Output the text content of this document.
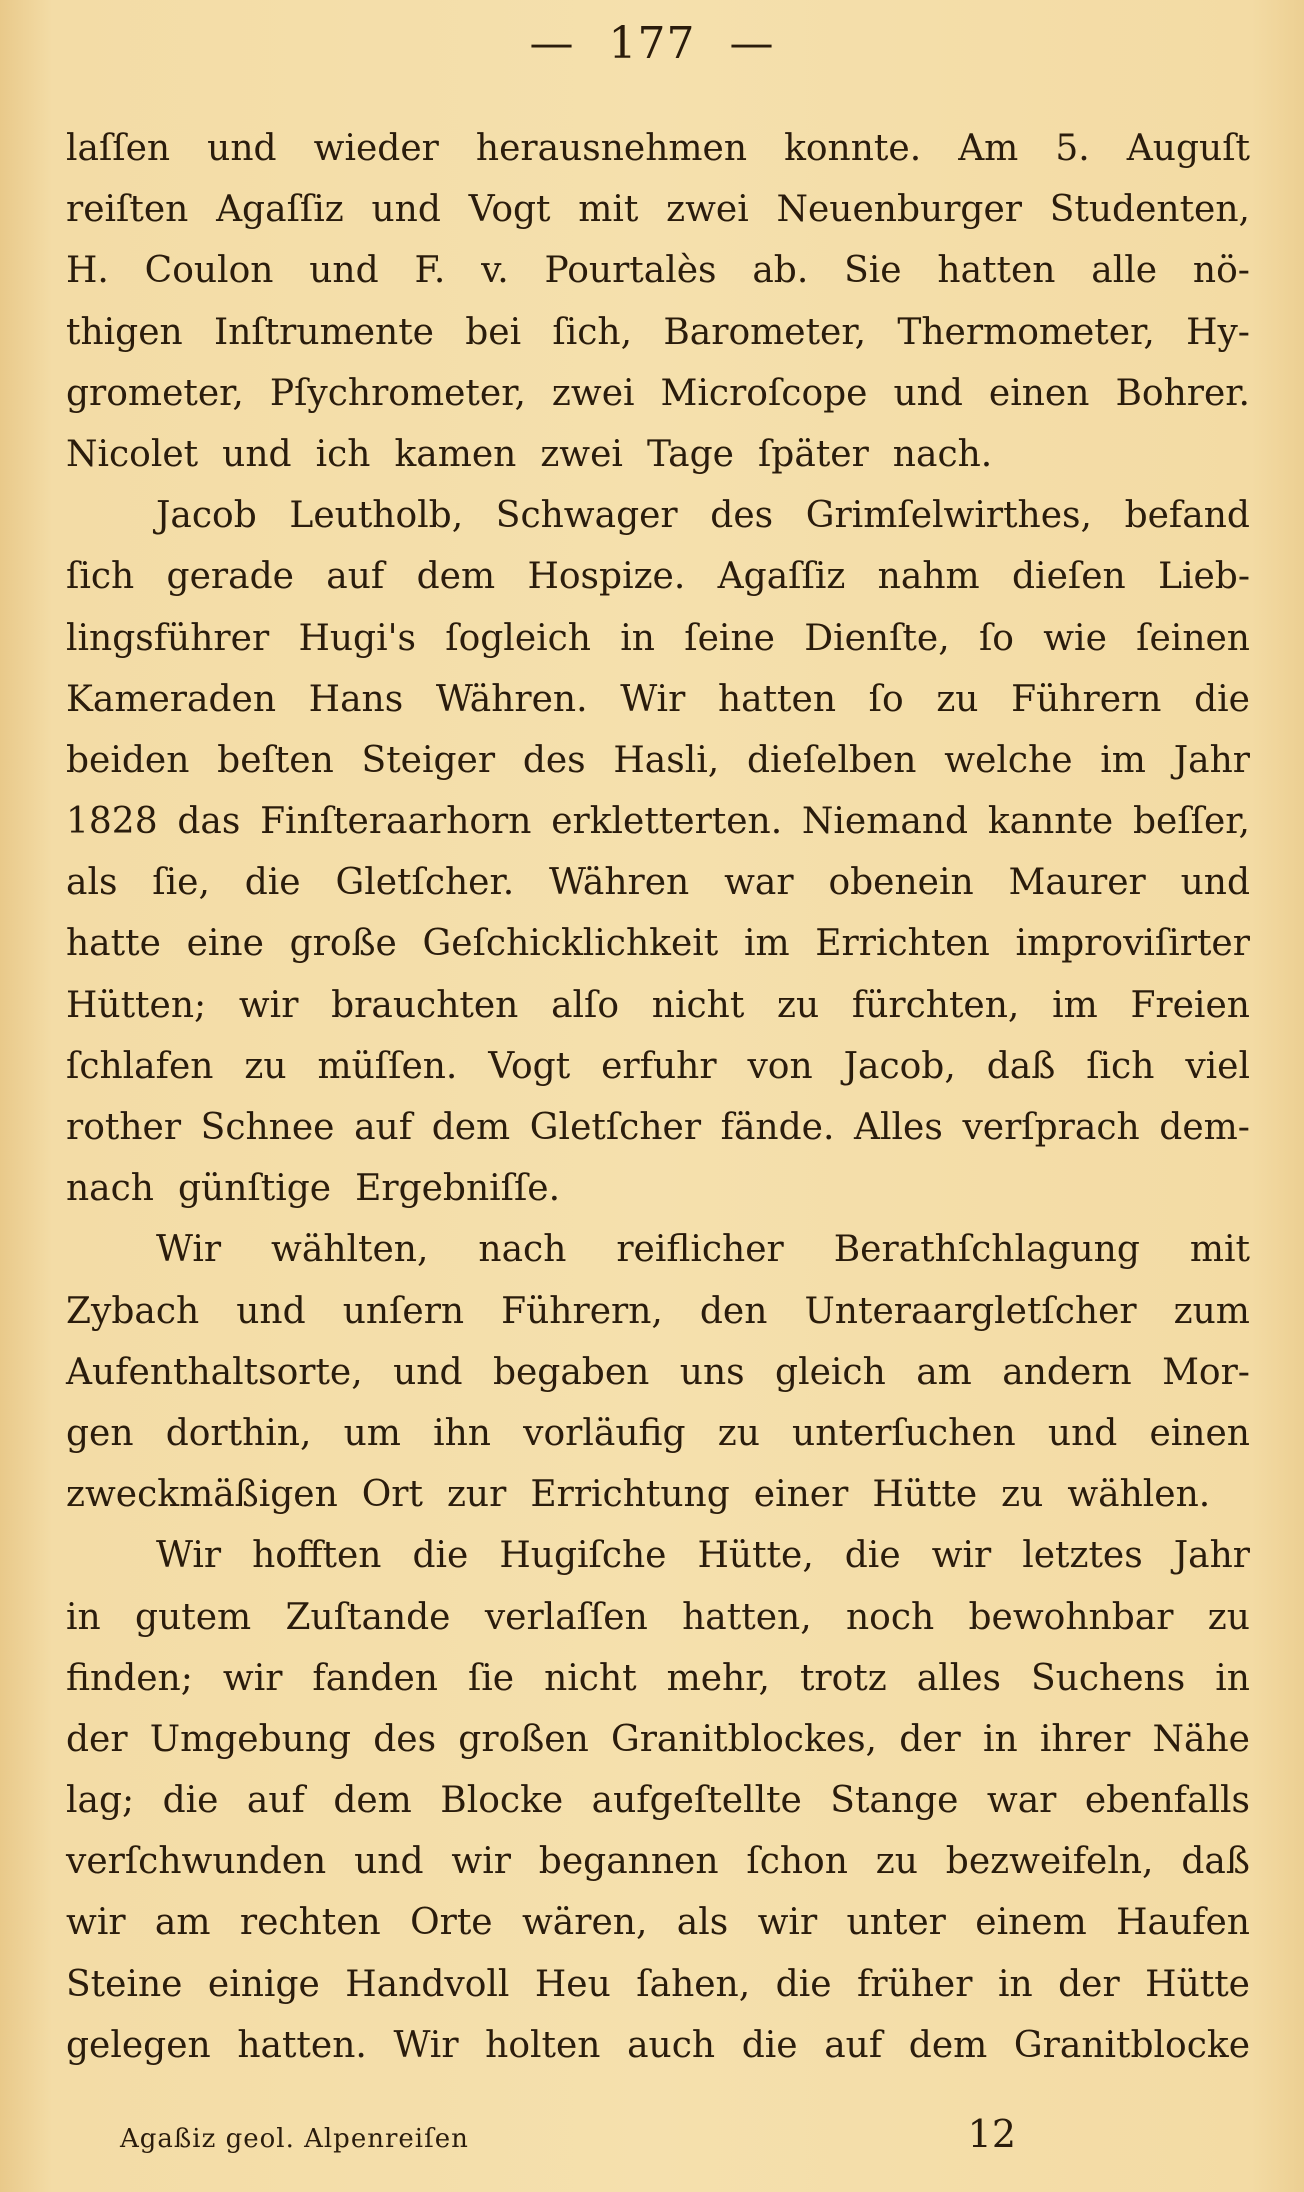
— 177 —
laſſen und wieder herausnehmen konnte. Am 5. Auguſt
reiſten Agaſſiz und Vogt mit zwei Neuenburger Studenten,
H. Coulon und F. v. Pourtalès ab. Sie hatten alle nö-
thigen Inſtrumente bei ſich, Barometer, Thermometer, Hy-
grometer, Pſychrometer, zwei Microſcope und einen Bohrer.
Nicolet und ich kamen zwei Tage ſpäter nach.
Jacob Leutholb, Schwager des Grimſelwirthes, befand
ſich gerade auf dem Hospize. Agaſſiz nahm dieſen Lieb-
lingsführer Hugi's ſogleich in ſeine Dienſte, ſo wie ſeinen
Kameraden Hans Währen. Wir hatten ſo zu Führern die
beiden beſten Steiger des Hasli, dieſelben welche im Jahr
1828 das Finſteraarhorn erkletterten. Niemand kannte beſſer,
als ſie, die Gletſcher. Währen war obenein Maurer und
hatte eine große Geſchicklichkeit im Errichten improviſirter
Hütten; wir brauchten alſo nicht zu fürchten, im Freien
ſchlafen zu müſſen. Vogt erfuhr von Jacob, daß ſich viel
rother Schnee auf dem Gletſcher fände. Alles verſprach dem-
nach günſtige Ergebniſſe.
Wir wählten, nach reiflicher Berathſchlagung mit
Zybach und unſern Führern, den Unteraargletſcher zum
Aufenthaltsorte, und begaben uns gleich am andern Mor-
gen dorthin, um ihn vorläufig zu unterſuchen und einen
zweckmäßigen Ort zur Errichtung einer Hütte zu wählen.
Wir hofften die Hugiſche Hütte, die wir letztes Jahr
in gutem Zuſtande verlaſſen hatten, noch bewohnbar zu
finden; wir fanden ſie nicht mehr, trotz alles Suchens in
der Umgebung des großen Granitblockes, der in ihrer Nähe
lag; die auf dem Blocke aufgeſtellte Stange war ebenfalls
verſchwunden und wir begannen ſchon zu bezweifeln, daß
wir am rechten Orte wären, als wir unter einem Haufen
Steine einige Handvoll Heu ſahen, die früher in der Hütte
gelegen hatten. Wir holten auch die auf dem Granitblocke
Agaßiz geol. Alpenreiſen	12
